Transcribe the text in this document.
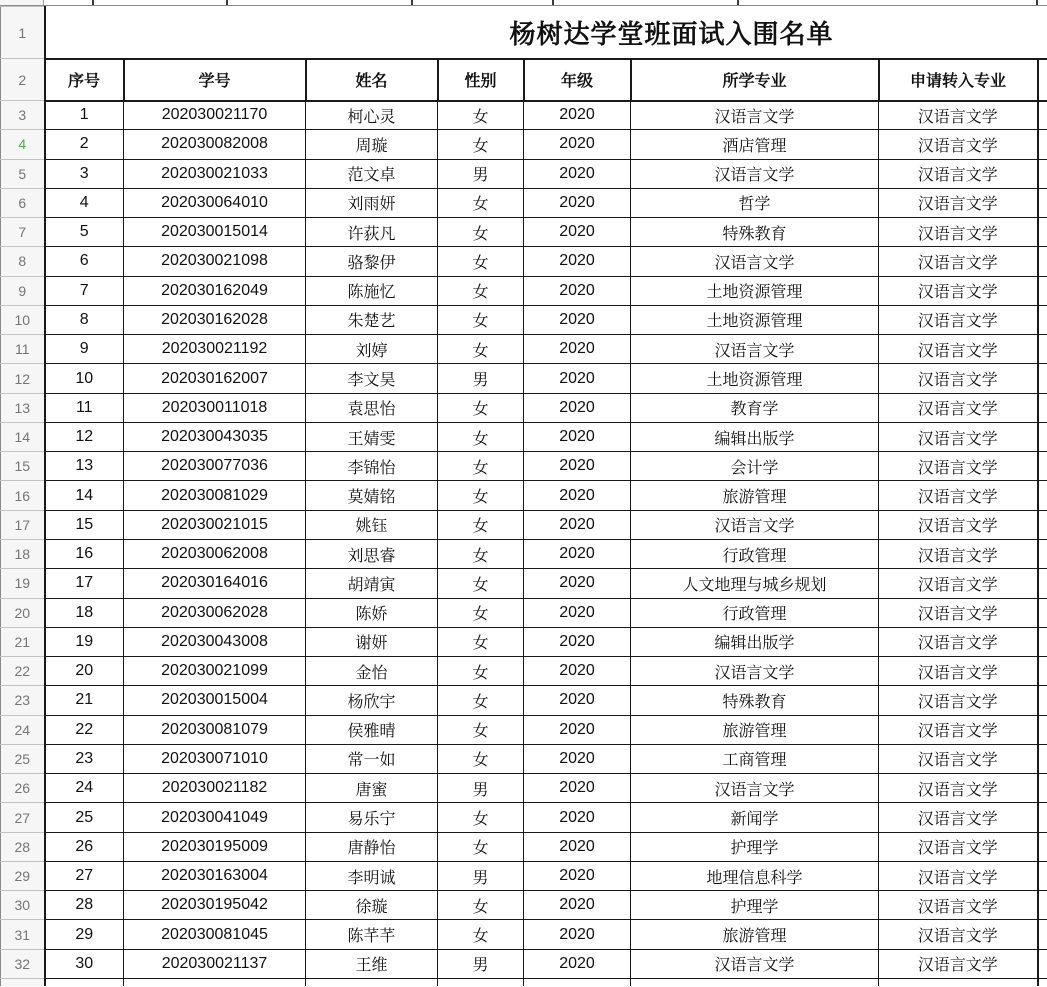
1	杨树达学堂班面试入围名单							
2	序号	学号	姓名	性别	年级	所学专业	申请转入专业	
3	1	202030021170	柯心灵	女	2020	汉语言文学	汉语言文学	
4	2	202030082008	周璇	女	2020	酒店管理	汉语言文学	
5	3	202030021033	范文卓	男	2020	汉语言文学	汉语言文学	
6	4	202030064010	刘雨妍	女	2020	哲学	汉语言文学	
7	5	202030015014	许荻凡	女	2020	特殊教育	汉语言文学	
8	6	202030021098	骆黎伊	女	2020	汉语言文学	汉语言文学	
9	7	202030162049	陈施忆	女	2020	土地资源管理	汉语言文学	
10	8	202030162028	朱楚艺	女	2020	土地资源管理	汉语言文学	
11	9	202030021192	刘婷	女	2020	汉语言文学	汉语言文学	
12	10	202030162007	李文昊	男	2020	土地资源管理	汉语言文学	
13	11	202030011018	袁思怡	女	2020	教育学	汉语言文学	
14	12	202030043035	王婧雯	女	2020	编辑出版学	汉语言文学	
15	13	202030077036	李锦怡	女	2020	会计学	汉语言文学	
16	14	202030081029	莫婧铭	女	2020	旅游管理	汉语言文学	
17	15	202030021015	姚钰	女	2020	汉语言文学	汉语言文学	
18	16	202030062008	刘思睿	女	2020	行政管理	汉语言文学	
19	17	202030164016	胡靖寅	女	2020	人文地理与城乡规划	汉语言文学	
20	18	202030062028	陈娇	女	2020	行政管理	汉语言文学	
21	19	202030043008	谢妍	女	2020	编辑出版学	汉语言文学	
22	20	202030021099	金怡	女	2020	汉语言文学	汉语言文学	
23	21	202030015004	杨欣宇	女	2020	特殊教育	汉语言文学	
24	22	202030081079	侯雅晴	女	2020	旅游管理	汉语言文学	
25	23	202030071010	常一如	女	2020	工商管理	汉语言文学	
26	24	202030021182	唐蜜	男	2020	汉语言文学	汉语言文学	
27	25	202030041049	易乐宁	女	2020	新闻学	汉语言文学	
28	26	202030195009	唐静怡	女	2020	护理学	汉语言文学	
29	27	202030163004	李明诚	男	2020	地理信息科学	汉语言文学	
30	28	202030195042	徐璇	女	2020	护理学	汉语言文学	
31	29	202030081045	陈芊芊	女	2020	旅游管理	汉语言文学	
32	30	202030021137	王维	男	2020	汉语言文学	汉语言文学	
